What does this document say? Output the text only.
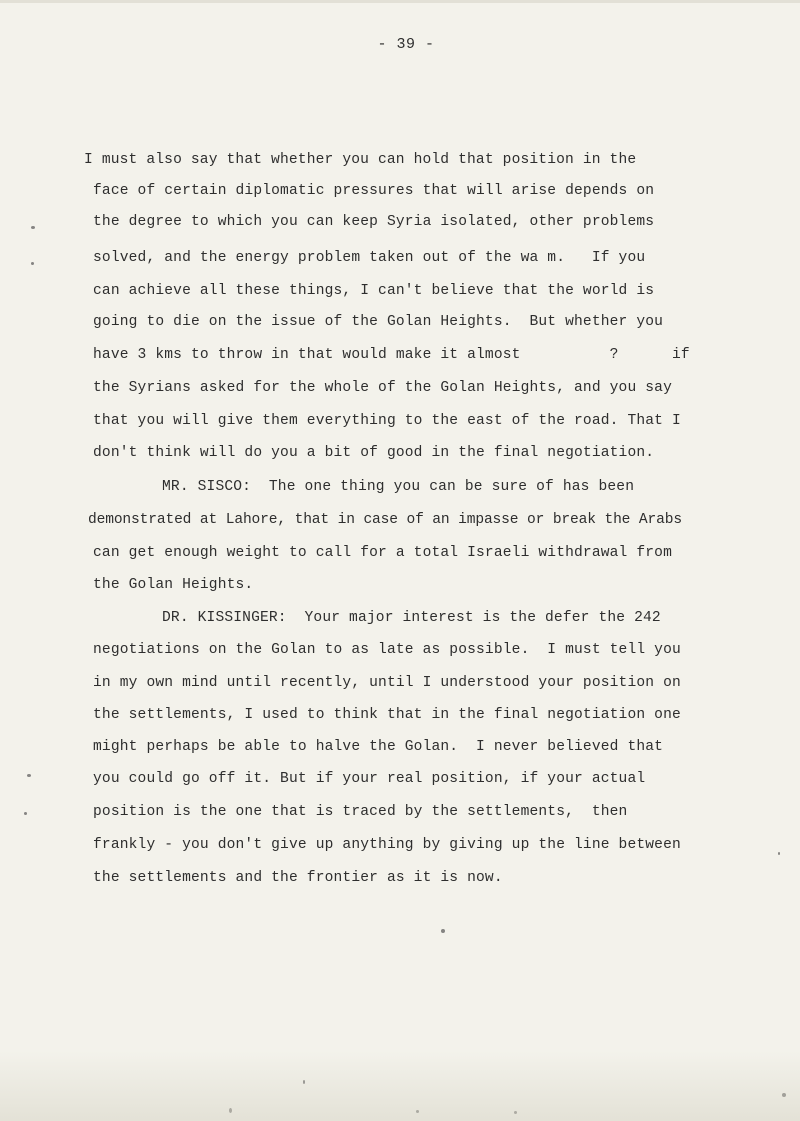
- 39 -
I must also say that whether you can hold that position in the
face of certain diplomatic pressures that will arise depends on
the degree to which you can keep Syria isolated, other problems
solved, and the energy problem taken out of the wa m.   If you
can achieve all these things, I can't believe that the world is
going to die on the issue of the Golan Heights.  But whether you
have 3 kms to throw in that would make it almost          ?      if
the Syrians asked for the whole of the Golan Heights, and you say
that you will give them everything to the east of the road. That I
don't think will do you a bit of good in the final negotiation.
MR. SISCO:  The one thing you can be sure of has been
demonstrated at Lahore, that in case of an impasse or break the Arabs
can get enough weight to call for a total Israeli withdrawal from
the Golan Heights.
DR. KISSINGER:  Your major interest is the defer the 242
negotiations on the Golan to as late as possible.  I must tell you
in my own mind until recently, until I understood your position on
the settlements, I used to think that in the final negotiation one
might perhaps be able to halve the Golan.  I never believed that
you could go off it. But if your real position, if your actual
position is the one that is traced by the settlements,  then
frankly - you don't give up anything by giving up the line between
the settlements and the frontier as it is now.
